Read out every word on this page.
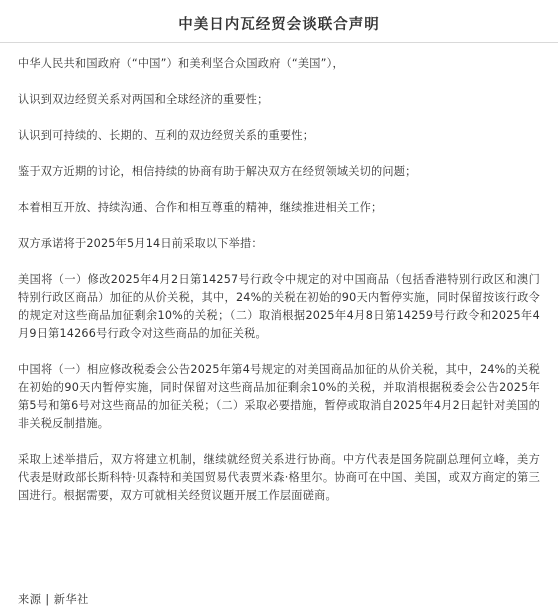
中美日内瓦经贸会谈联合声明

中华人民共和国政府（“中国”）和美利坚合众国政府（“美国”），

认识到双边经贸关系对两国和全球经济的重要性；

认识到可持续的、长期的、互利的双边经贸关系的重要性；

鉴于双方近期的讨论，相信持续的协商有助于解决双方在经贸领域关切的问题；

本着相互开放、持续沟通、合作和相互尊重的精神，继续推进相关工作；

双方承诺将于2025年5月14日前采取以下举措：

美国将（一）修改2025年4月2日第14257号行政令中规定的对中国商品（包括香港特别行政区和澳门特别行政区商品）加征的从价关税，其中，24%的关税在初始的90天内暂停实施，同时保留按该行政令的规定对这些商品加征剩余10%的关税；（二）取消根据2025年4月8日第14259号行政令和2025年4月9日第14266号行政令对这些商品的加征关税。

中国将（一）相应修改税委会公告2025年第4号规定的对美国商品加征的从价关税，其中，24%的关税在初始的90天内暂停实施，同时保留对这些商品加征剩余10%的关税，并取消根据税委会公告2025年第5号和第6号对这些商品的加征关税；（二）采取必要措施，暂停或取消自2025年4月2日起针对美国的非关税反制措施。

采取上述举措后，双方将建立机制，继续就经贸关系进行协商。中方代表是国务院副总理何立峰，美方代表是财政部长斯科特·贝森特和美国贸易代表贾米森·格里尔。协商可在中国、美国，或双方商定的第三国进行。根据需要，双方可就相关经贸议题开展工作层面磋商。

来源 | 新华社
